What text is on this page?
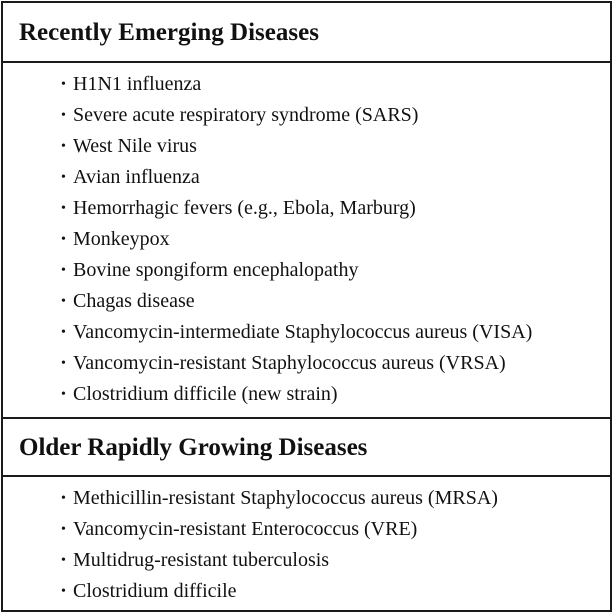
Recently Emerging Diseases
• H1N1 influenza
• Severe acute respiratory syndrome (SARS)
• West Nile virus
• Avian influenza
• Hemorrhagic fevers (e.g., Ebola, Marburg)
• Monkeypox
• Bovine spongiform encephalopathy
• Chagas disease
• Vancomycin-intermediate Staphylococcus aureus (VISA)
• Vancomycin-resistant Staphylococcus aureus (VRSA)
• Clostridium difficile (new strain)
Older Rapidly Growing Diseases
• Methicillin-resistant Staphylococcus aureus (MRSA)
• Vancomycin-resistant Enterococcus (VRE)
• Multidrug-resistant tuberculosis
• Clostridium difficile
